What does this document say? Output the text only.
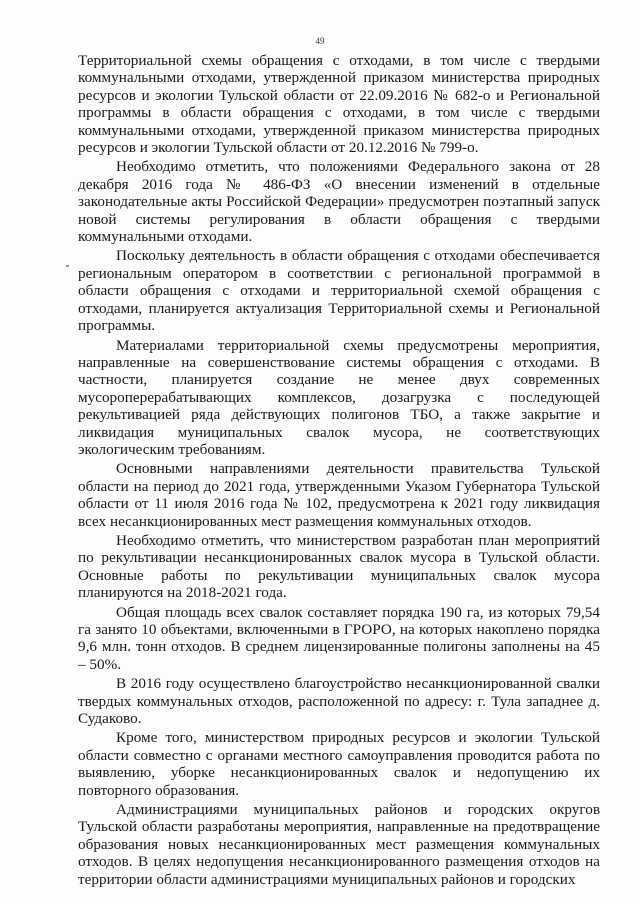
49

Территориальной схемы обращения с отходами, в том числе с твердыми коммунальными отходами, утвержденной приказом министерства природных ресурсов и экологии Тульской области от 22.09.2016 № 682-о и Региональной программы в области обращения с отходами, в том числе с твердыми коммунальными отходами, утвержденной приказом министерства природных ресурсов и экологии Тульской области от 20.12.2016 № 799-о.

Необходимо отметить, что положениями Федерального закона от 28 декабря 2016 года № 486-ФЗ «О внесении изменений в отдельные законодательные акты Российской Федерации» предусмотрен поэтапный запуск новой системы регулирования в области обращения с твердыми коммунальными отходами.

Поскольку деятельность в области обращения с отходами обеспечивается региональным оператором в соответствии с региональной программой в области обращения с отходами и территориальной схемой обращения с отходами, планируется актуализация Территориальной схемы и Региональной программы.

Материалами территориальной схемы предусмотрены мероприятия, направленные на совершенствование системы обращения с отходами. В частности, планируется создание не менее двух современных мусороперерабатывающих комплексов, дозагрузка с последующей рекультивацией ряда действующих полигонов ТБО, а также закрытие и ликвидация муниципальных свалок мусора, не соответствующих экологическим требованиям.

Основными направлениями деятельности правительства Тульской области на период до 2021 года, утвержденными Указом Губернатора Тульской области от 11 июля 2016 года № 102, предусмотрена к 2021 году ликвидация всех несанкционированных мест размещения коммунальных отходов.

Необходимо отметить, что министерством разработан план мероприятий по рекультивации несанкционированных свалок мусора в Тульской области. Основные работы по рекультивации муниципальных свалок мусора планируются на 2018-2021 года.

Общая площадь всех свалок составляет порядка 190 га, из которых 79,54 га занято 10 объектами, включенными в ГРОРО, на которых накоплено порядка 9,6 млн. тонн отходов. В среднем лицензированные полигоны заполнены на 45 – 50%.

В 2016 году осуществлено благоустройство несанкционированной свалки твердых коммунальных отходов, расположенной по адресу: г. Тула западнее д. Судаково.

Кроме того, министерством природных ресурсов и экологии Тульской области совместно с органами местного самоуправления проводится работа по выявлению, уборке несанкционированных свалок и недопущению их повторного образования.

Администрациями муниципальных районов и городских округов Тульской области разработаны мероприятия, направленные на предотвращение образования новых несанкционированных мест размещения коммунальных отходов. В целях недопущения несанкционированного размещения отходов на территории области администрациями муниципальных районов и городских
